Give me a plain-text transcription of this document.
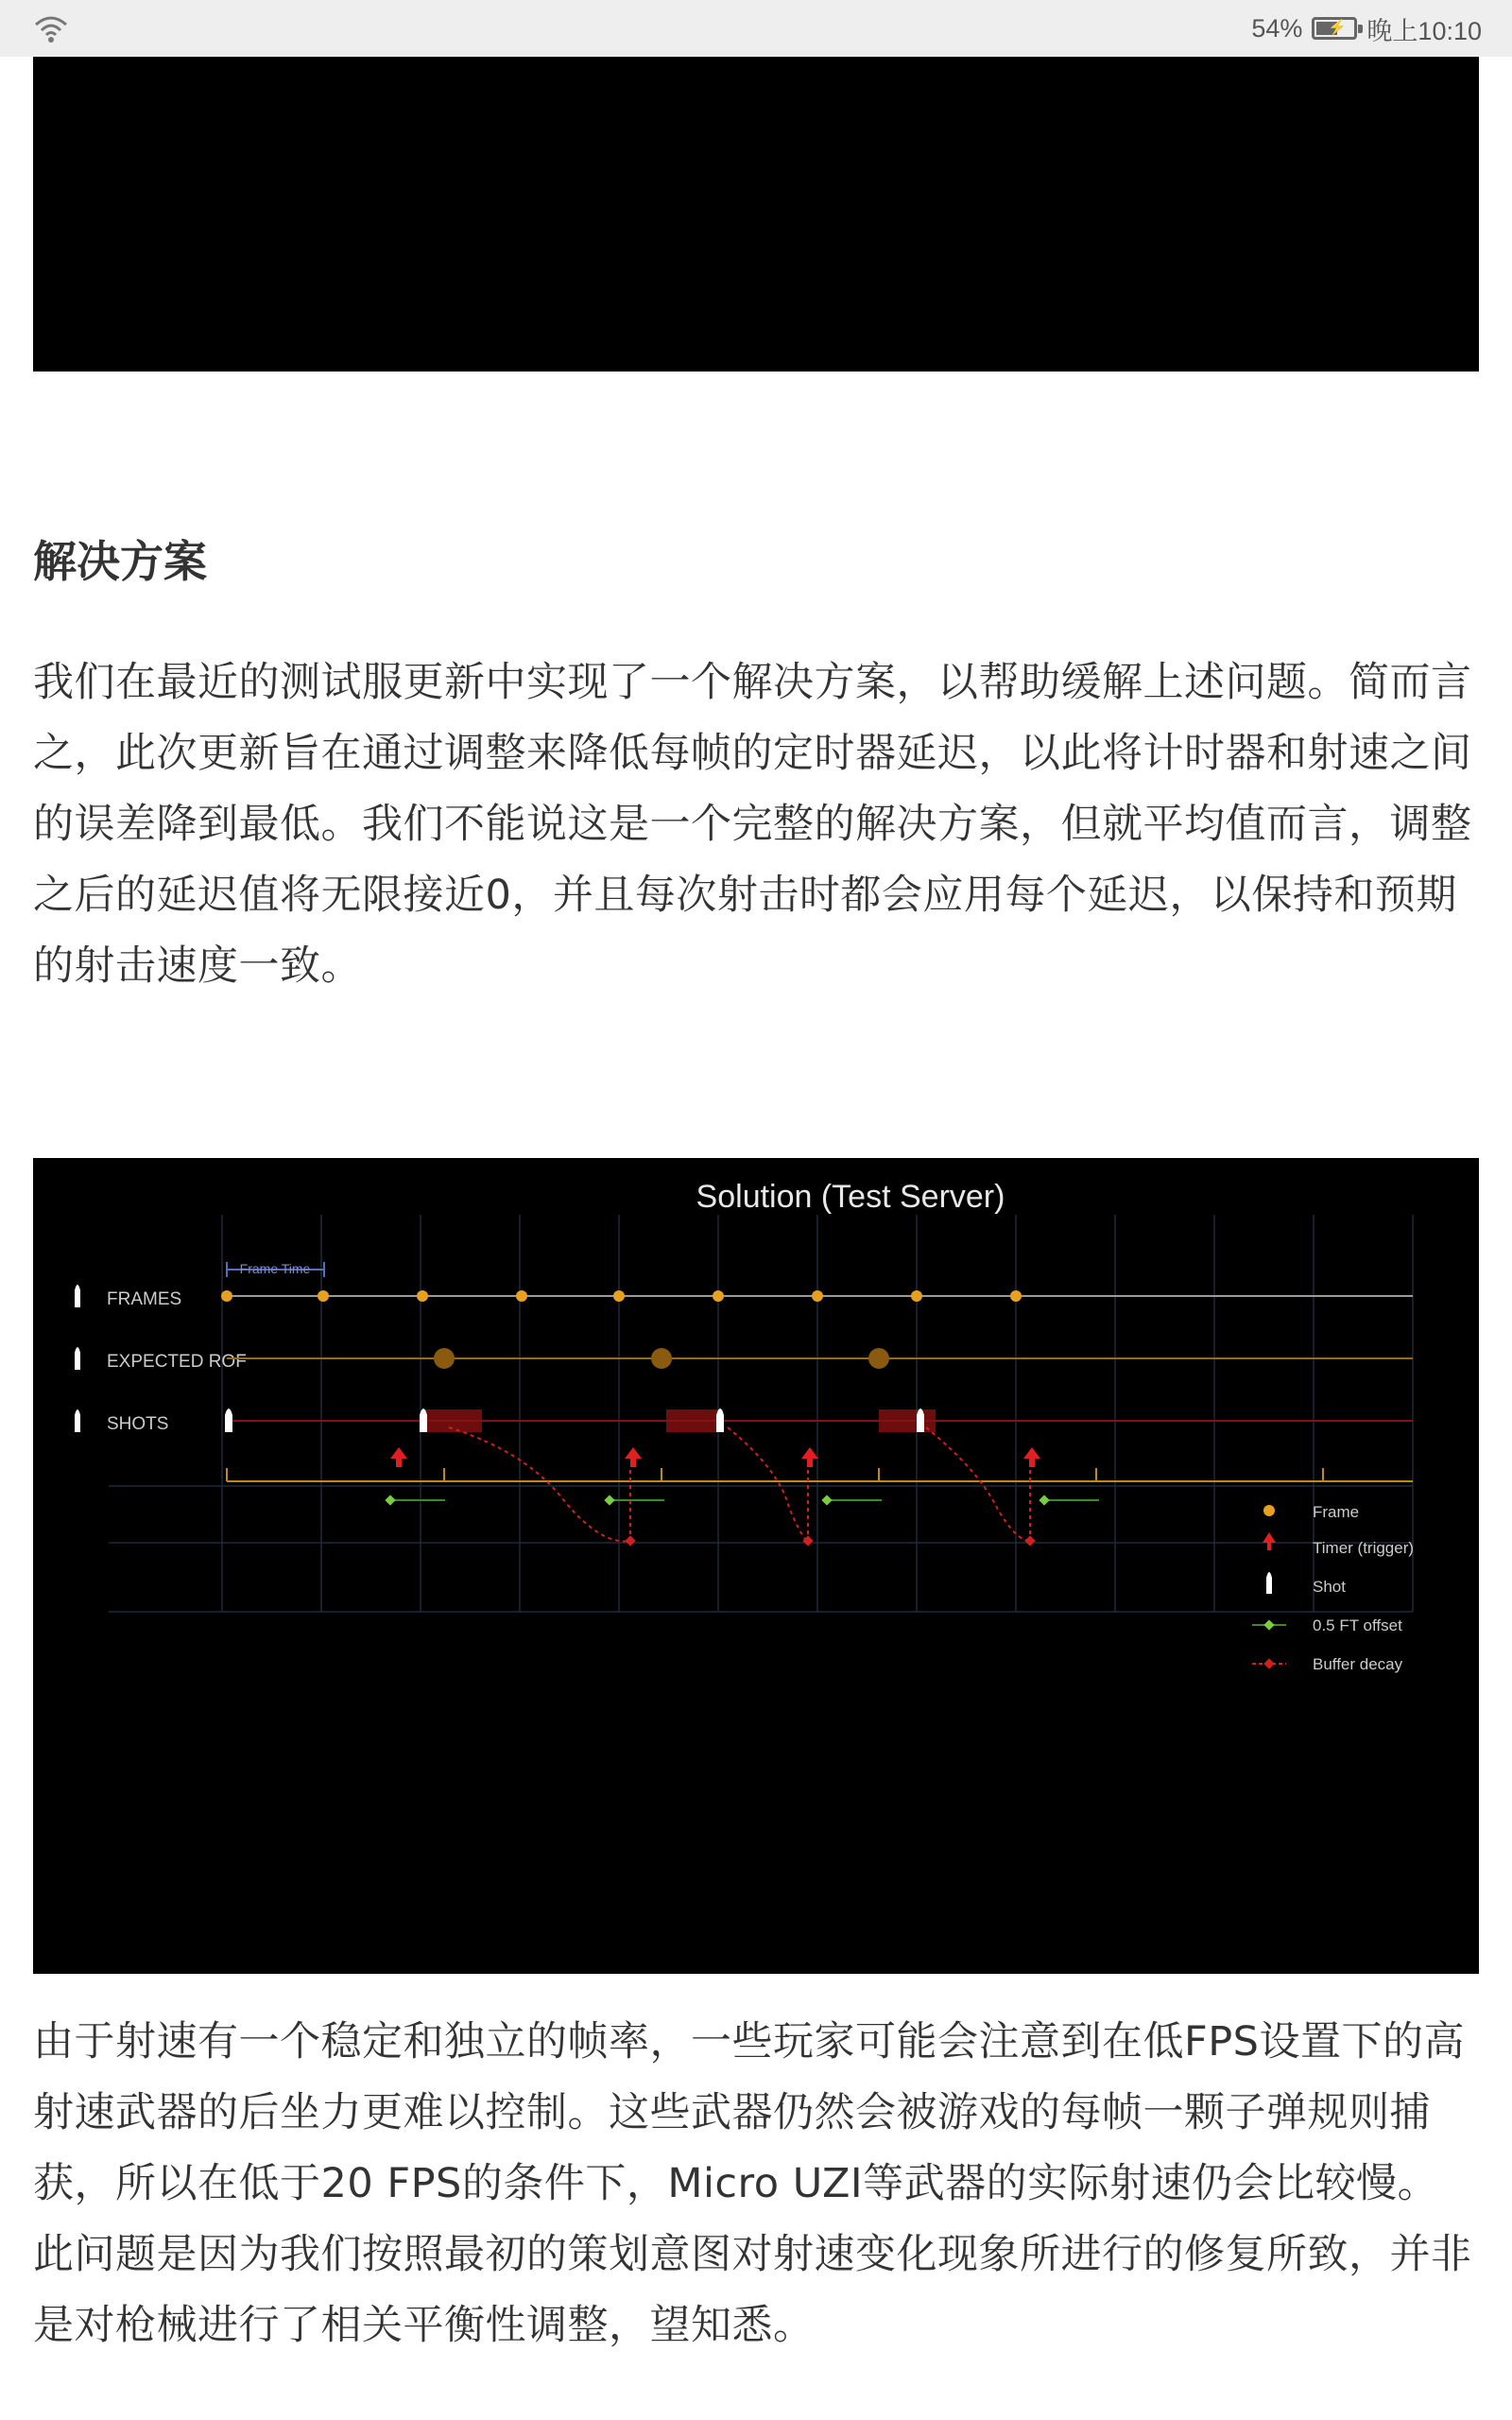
54% ⚡ 晚上10:10
解决方案
我们在最近的测试服更新中实现了一个解决方案，以帮助缓解上述问题。简而言之，此次更新旨在通过调整来降低每帧的定时器延迟，以此将计时器和射速之间的误差降到最低。我们不能说这是一个完整的解决方案，但就平均值而言，调整之后的延迟值将无限接近0，并且每次射击时都会应用每个延迟，以保持和预期的射击速度一致。
Solution (Test Server)
Frame Time
FRAMES
EXPECTED ROF
SHOTS
Frame
Timer (trigger)
Shot
0.5 FT offset
Buffer decay
由于射速有一个稳定和独立的帧率，一些玩家可能会注意到在低FPS设置下的高射速武器的后坐力更难以控制。这些武器仍然会被游戏的每帧一颗子弹规则捕获，所以在低于20 FPS的条件下，Micro UZI等武器的实际射速仍会比较慢。此问题是因为我们按照最初的策划意图对射速变化现象所进行的修复所致，并非是对枪械进行了相关平衡性调整，望知悉。
